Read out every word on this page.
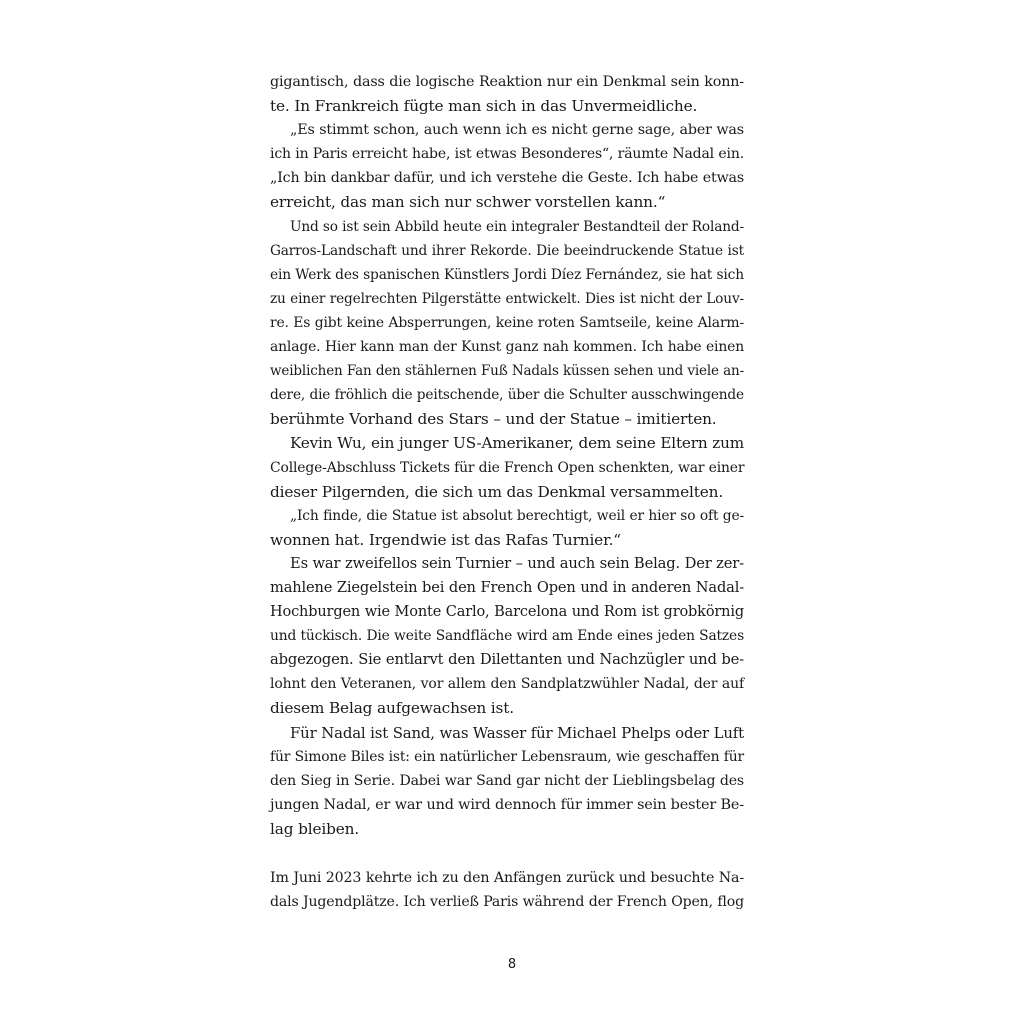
gigantisch, dass die logische Reaktion nur ein Denkmal sein konn-
te. In Frankreich fügte man sich in das Unvermeidliche.
„Es stimmt schon, auch wenn ich es nicht gerne sage, aber was
ich in Paris erreicht habe, ist etwas Besonderes“, räumte Nadal ein.
„Ich bin dankbar dafür, und ich verstehe die Geste. Ich habe etwas
erreicht, das man sich nur schwer vorstellen kann.“
Und so ist sein Abbild heute ein integraler Bestandteil der Roland-
Garros-Landschaft und ihrer Rekorde. Die beeindruckende Statue ist
ein Werk des spanischen Künstlers Jordi Díez Fernández, sie hat sich
zu einer regelrechten Pilgerstätte entwickelt. Dies ist nicht der Louv-
re. Es gibt keine Absperrungen, keine roten Samtseile, keine Alarm-
anlage. Hier kann man der Kunst ganz nah kommen. Ich habe einen
weiblichen Fan den stählernen Fuß Nadals küssen sehen und viele an-
dere, die fröhlich die peitschende, über die Schulter ausschwingende
berühmte Vorhand des Stars – und der Statue – imitierten.
Kevin Wu, ein junger US-Amerikaner, dem seine Eltern zum
College-Abschluss Tickets für die French Open schenkten, war einer
dieser Pilgernden, die sich um das Denkmal versammelten.
„Ich finde, die Statue ist absolut berechtigt, weil er hier so oft ge-
wonnen hat. Irgendwie ist das Rafas Turnier.“
Es war zweifellos sein Turnier – und auch sein Belag. Der zer-
mahlene Ziegelstein bei den French Open und in anderen Nadal-
Hochburgen wie Monte Carlo, Barcelona und Rom ist grobkörnig
und tückisch. Die weite Sandfläche wird am Ende eines jeden Satzes
abgezogen. Sie entlarvt den Dilettanten und Nachzügler und be-
lohnt den Veteranen, vor allem den Sandplatzwühler Nadal, der auf
diesem Belag aufgewachsen ist.
Für Nadal ist Sand, was Wasser für Michael Phelps oder Luft
für Simone Biles ist: ein natürlicher Lebensraum, wie geschaffen für
den Sieg in Serie. Dabei war Sand gar nicht der Lieblingsbelag des
jungen Nadal, er war und wird dennoch für immer sein bester Be-
lag bleiben.
Im Juni 2023 kehrte ich zu den Anfängen zurück und besuchte Na-
dals Jugendplätze. Ich verließ Paris während der French Open, flog
8
